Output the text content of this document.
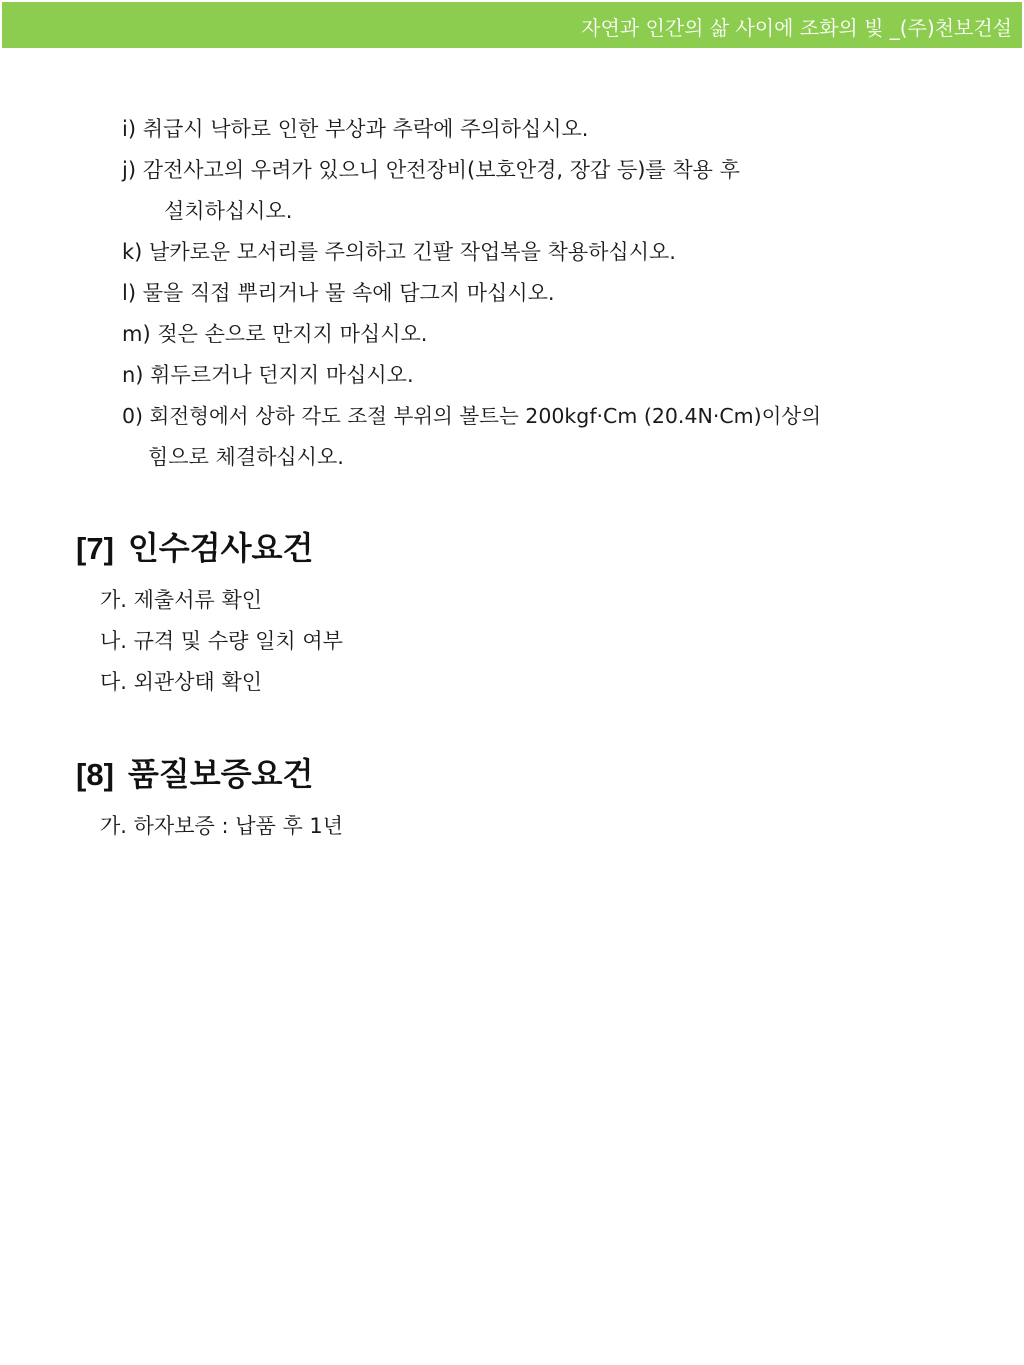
자연과 인간의 삶 사이에 조화의 빛 _(주)천보건설
i) 취급시 낙하로 인한 부상과 추락에 주의하십시오.
j) 감전사고의 우려가 있으니 안전장비(보호안경, 장갑 등)를 착용 후
설치하십시오.
k) 날카로운 모서리를 주의하고 긴팔 작업복을 착용하십시오.
l) 물을 직접 뿌리거나 물 속에 담그지 마십시오.
m) 젖은 손으로 만지지 마십시오.
n) 휘두르거나 던지지 마십시오.
0) 회전형에서 상하 각도 조절 부위의 볼트는 200kgf·Cm (20.4N·Cm)이상의
힘으로 체결하십시오.
[7] 인수검사요건
가. 제출서류 확인
나. 규격 및 수량 일치 여부
다. 외관상태 확인
[8] 품질보증요건
가. 하자보증 : 납품 후 1년
